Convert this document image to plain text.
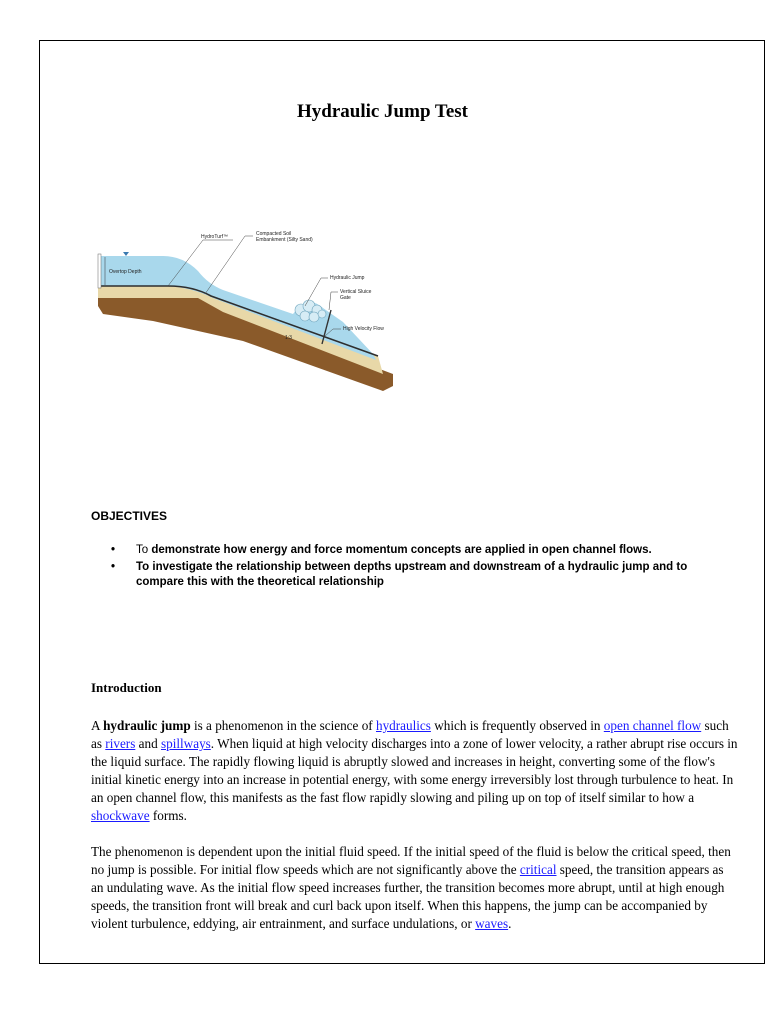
Hydraulic Jump Test
HydroTurf™	Compacted Soil
Embankment (Silty Sand)
Overtop Depth
Hydraulic Jump
Vertical Sluice
Gate
High Velocity Flow
1:3
OBJECTIVES
• To demonstrate how energy and force momentum concepts are applied in open channel flows.
• To investigate the relationship between depths upstream and downstream of a hydraulic jump and to compare this with the theoretical relationship
Introduction

A hydraulic jump is a phenomenon in the science of hydraulics which is frequently observed in open channel flow such as rivers and spillways. When liquid at high velocity discharges into a zone of lower velocity, a rather abrupt rise occurs in the liquid surface. The rapidly flowing liquid is abruptly slowed and increases in height, converting some of the flow's initial kinetic energy into an increase in potential energy, with some energy irreversibly lost through turbulence to heat. In an open channel flow, this manifests as the fast flow rapidly slowing and piling up on top of itself similar to how a shockwave forms.

The phenomenon is dependent upon the initial fluid speed. If the initial speed of the fluid is below the critical speed, then no jump is possible. For initial flow speeds which are not significantly above the critical speed, the transition appears as an undulating wave. As the initial flow speed increases further, the transition becomes more abrupt, until at high enough speeds, the transition front will break and curl back upon itself. When this happens, the jump can be accompanied by violent turbulence, eddying, air entrainment, and surface undulations, or waves.
